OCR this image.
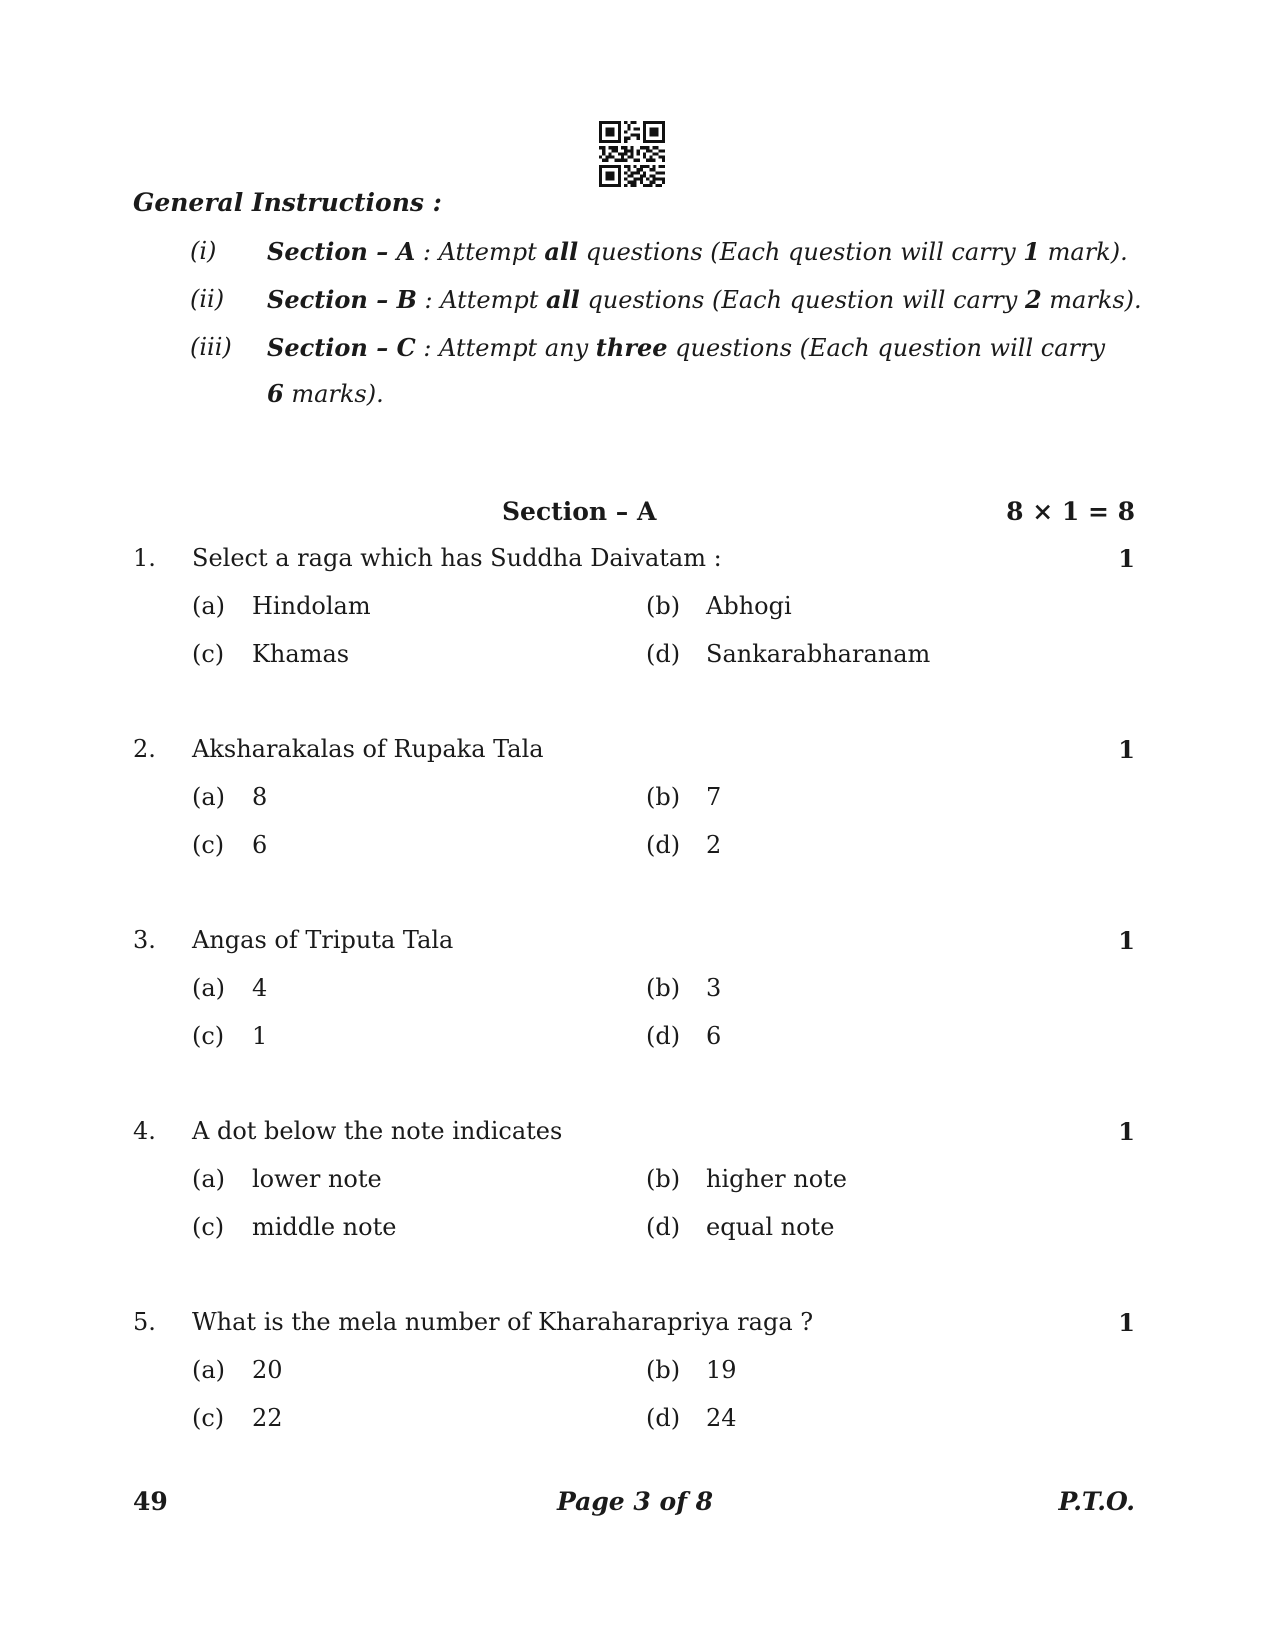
General Instructions :
(i) Section – A : Attempt all questions (Each question will carry 1 mark).
(ii) Section – B : Attempt all questions (Each question will carry 2 marks).
(iii) Section – C : Attempt any three questions (Each question will carry
6 marks).
Section – A	8 × 1 = 8
1. Select a raga which has Suddha Daivatam :	1
(a) Hindolam	(b) Abhogi
(c) Khamas	(d) Sankarabharanam
2. Aksharakalas of Rupaka Tala	1
(a) 8	(b) 7
(c) 6	(d) 2
3. Angas of Triputa Tala	1
(a) 4	(b) 3
(c) 1	(d) 6
4. A dot below the note indicates	1
(a) lower note	(b) higher note
(c) middle note	(d) equal note
5. What is the mela number of Kharaharapriya raga ?	1
(a) 20	(b) 19
(c) 22	(d) 24
49	Page 3 of 8	P.T.O.
